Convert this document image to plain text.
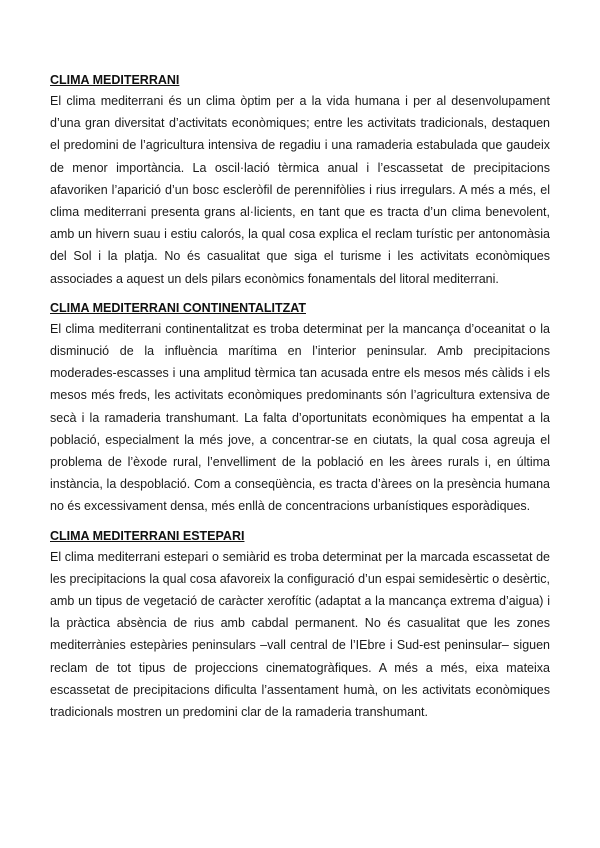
CLIMA MEDITERRANI

El clima mediterrani és un clima òptim per a la vida humana i per al desenvolupament d’una gran diversitat d’activitats econòmiques; entre les activitats tradicionals, destaquen el predomini de l’agricultura intensiva de regadiu i una ramaderia estabulada que gaudeix de menor importància. La oscil·lació tèrmica anual i l’escassetat de precipitacions afavoriken l’aparició d’un bosc escleròfil de perennifòlies i rius irregulars. A més a més, el clima mediterrani presenta grans al·licients, en tant que es tracta d’un clima benevolent, amb un hivern suau i estiu calorós, la qual cosa explica el reclam turístic per antonomàsia del Sol i la platja. No és casualitat que siga el turisme i les activitats econòmiques associades a aquest un dels pilars econòmics fonamentals del litoral mediterrani.

CLIMA MEDITERRANI CONTINENTALITZAT

El clima mediterrani continentalitzat es troba determinat per la mancança d’oceanitat o la disminució de la influència marítima en l’interior peninsular. Amb precipitacions moderades-escasses i una amplitud tèrmica tan acusada entre els mesos més càlids i els mesos més freds, les activitats econòmiques predominants són l’agricultura extensiva de secà i la ramaderia transhumant. La falta d’oportunitats econòmiques ha empentat a la població, especialment la més jove, a concentrar-se en ciutats, la qual cosa agreuja el problema de l’èxode rural, l’envelliment de la població en les àrees rurals i, en última instància, la despoblació. Com a conseqüència, es tracta d’àrees on la presència humana no és excessivament densa, més enllà de concentracions urbanístiques esporàdiques.

CLIMA MEDITERRANI ESTEPARI

El clima mediterrani estepari o semiàrid es troba determinat per la marcada escassetat de les precipitacions la qual cosa afavoreix la configuració d’un espai semidesèrtic o desèrtic, amb un tipus de vegetació de caràcter xerofític (adaptat a la mancança extrema d’aigua) i la pràctica absència de rius amb cabdal permanent. No és casualitat que les zones mediterrànies estepàries peninsulars –vall central de l’IEbre i Sud-est peninsular– siguen reclam de tot tipus de projeccions cinematogràfiques. A més a més, eixa mateixa escassetat de precipitacions dificulta l’assentament humà, on les activitats econòmiques tradicionals mostren un predomini clar de la ramaderia transhumant.
